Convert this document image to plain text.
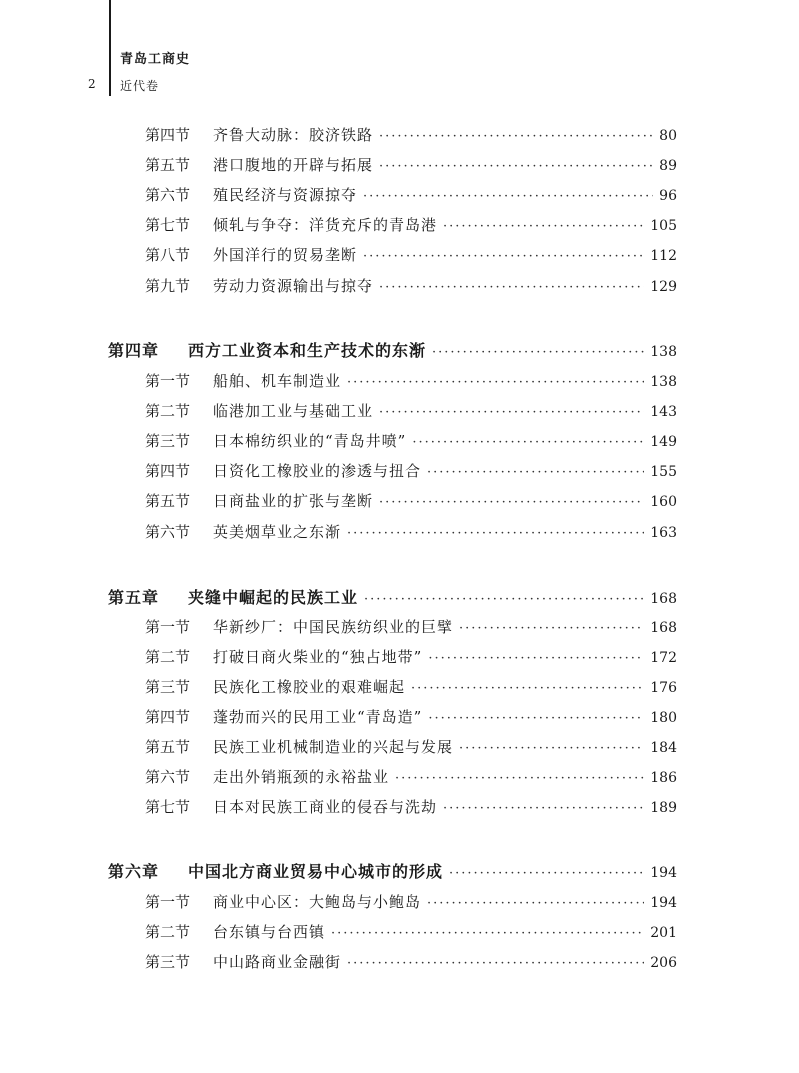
青岛工商史
2 近代卷
第四节	齐鲁大动脉：胶济铁路 ·····	80
第五节	港口腹地的开辟与拓展 ·····	89
第六节	殖民经济与资源掠夺 ·····	96
第七节	倾轧与争夺：洋货充斥的青岛港 ·····	105
第八节	外国洋行的贸易垄断 ·····	112
第九节	劳动力资源输出与掠夺 ·····	129
第四章	西方工业资本和生产技术的东渐 ·····	138
第一节	船舶、机车制造业 ·····	138
第二节	临港加工业与基础工业 ·····	143
第三节	日本棉纺织业的“青岛井喷” ·····	149
第四节	日资化工橡胶业的渗透与扭合 ·····	155
第五节	日商盐业的扩张与垄断 ·····	160
第六节	英美烟草业之东渐 ·····	163
第五章	夹缝中崛起的民族工业 ·····	168
第一节	华新纱厂：中国民族纺织业的巨擘 ·····	168
第二节	打破日商火柴业的“独占地带” ·····	172
第三节	民族化工橡胶业的艰难崛起 ·····	176
第四节	蓬勃而兴的民用工业“青岛造” ·····	180
第五节	民族工业机械制造业的兴起与发展 ·····	184
第六节	走出外销瓶颈的永裕盐业 ·····	186
第七节	日本对民族工商业的侵吞与洗劫 ·····	189
第六章	中国北方商业贸易中心城市的形成 ·····	194
第一节	商业中心区：大鲍岛与小鲍岛 ·····	194
第二节	台东镇与台西镇 ·····	201
第三节	中山路商业金融街 ·····	206
